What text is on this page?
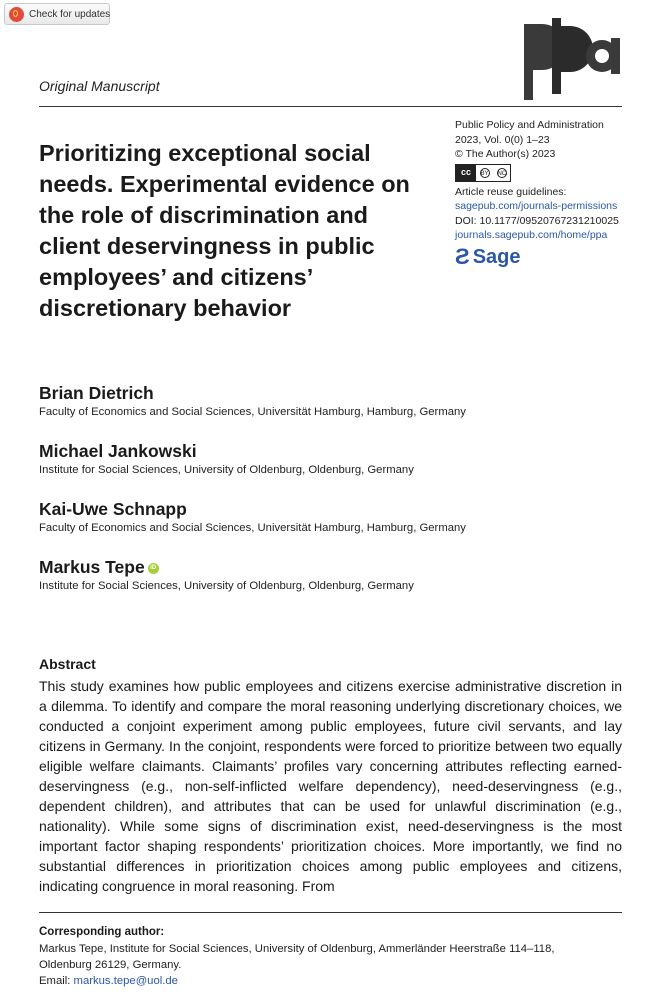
Check for updates
Original Manuscript
Prioritizing exceptional social needs. Experimental evidence on the role of discrimination and client deservingness in public employees’ and citizens’ discretionary behavior
Public Policy and Administration
2023, Vol. 0(0) 1–23
© The Author(s) 2023
cc	BY NC
Article reuse guidelines:
sagepub.com/journals-permissions
DOI: 10.1177/09520767231210025
journals.sagepub.com/home/ppa
Ƨ Sage
Brian Dietrich
Faculty of Economics and Social Sciences, Universität Hamburg, Hamburg, Germany
Michael Jankowski
Institute for Social Sciences, University of Oldenburg, Oldenburg, Germany
Kai-Uwe Schnapp
Faculty of Economics and Social Sciences, Universität Hamburg, Hamburg, Germany
Markus Tepe iD
Institute for Social Sciences, University of Oldenburg, Oldenburg, Germany
Abstract
This study examines how public employees and citizens exercise administrative discretion in a dilemma. To identify and compare the moral reasoning underlying discretionary choices, we conducted a conjoint experiment among public employees, future civil servants, and lay citizens in Germany. In the conjoint, respondents were forced to prioritize between two equally eligible welfare claimants. Claimants’ profiles vary concerning attributes reflecting earned-deservingness (e.g., non-self-inflicted welfare dependency), need-deservingness (e.g., dependent children), and attributes that can be used for unlawful discrimination (e.g., nationality). While some signs of discrimination exist, need-deservingness is the most important factor shaping respondents’ prioritization choices. More importantly, we find no substantial differences in prioritization choices among public employees and citizens, indicating congruence in moral reasoning. From
Corresponding author:
Markus Tepe, Institute for Social Sciences, University of Oldenburg, Ammerländer Heerstraße 114–118,
Oldenburg 26129, Germany.
Email: markus.tepe@uol.de
